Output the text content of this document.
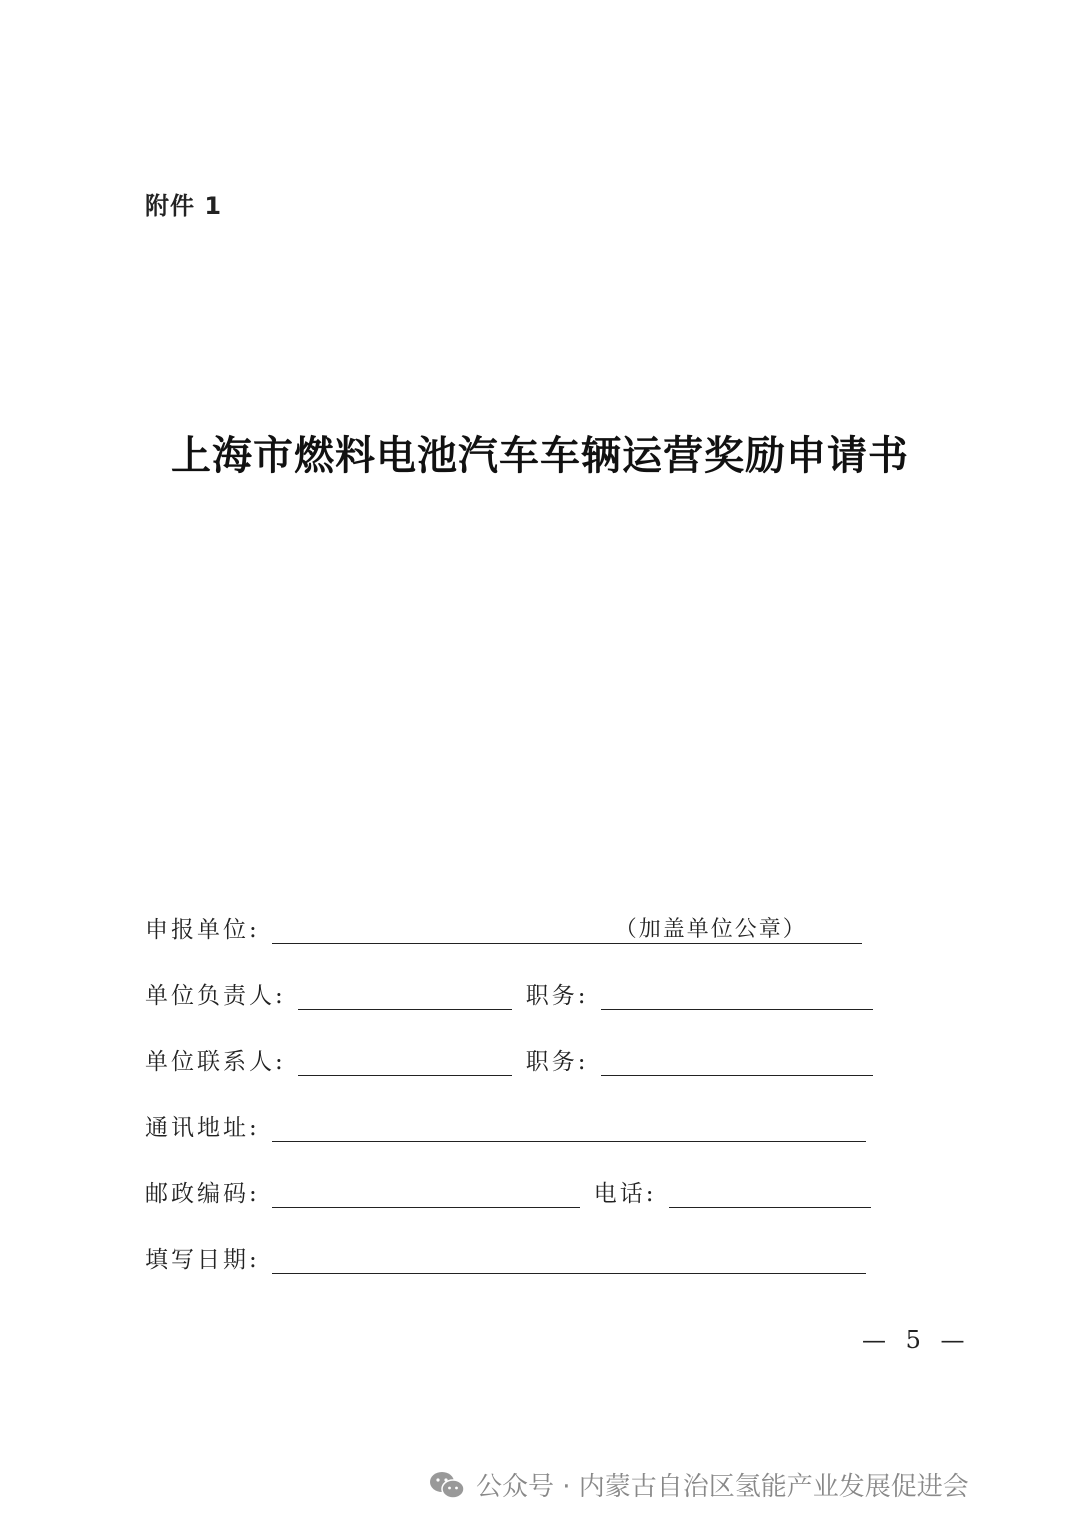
附件 1
上海市燃料电池汽车车辆运营奖励申请书
申报单位:	（加盖单位公章）
单位负责人:	职务:
单位联系人:	职务:
通讯地址:
邮政编码:	电话:
填写日期:
— 5 —
公众号 · 内蒙古自治区氢能产业发展促进会
